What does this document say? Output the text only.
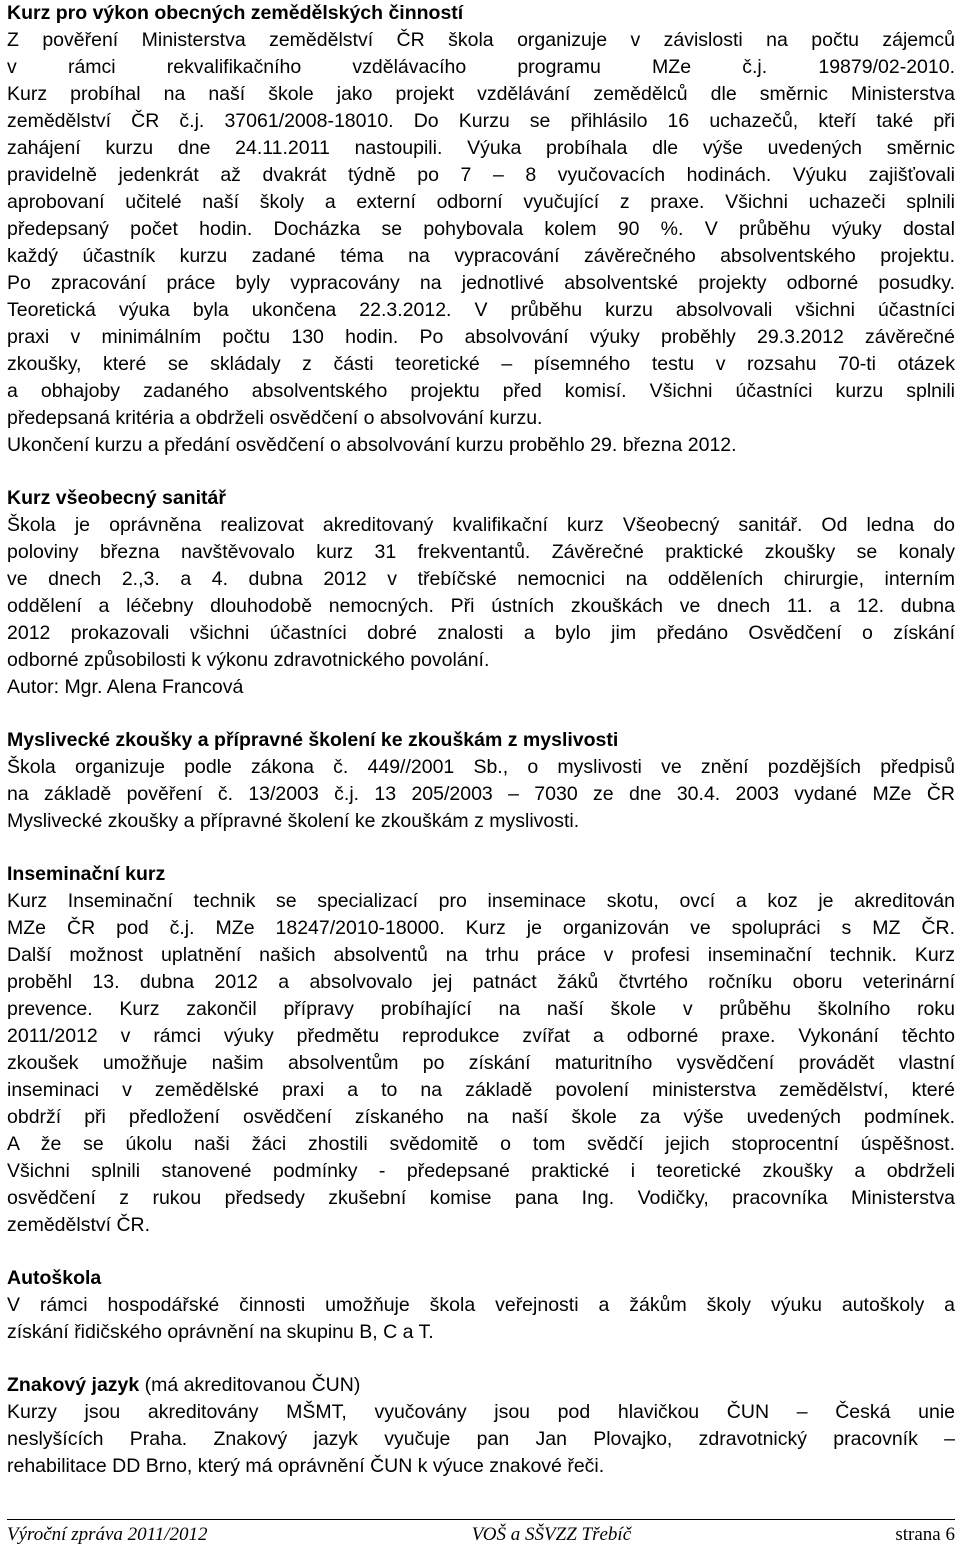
Kurz pro výkon obecných zemědělských činností
Z pověření Ministerstva zemědělství ČR škola organizuje v závislosti na počtu zájemců
v rámci rekvalifikačního vzdělávacího programu MZe č.j. 19879/02-2010.
Kurz probíhal na naší škole jako projekt vzdělávání zemědělců dle směrnic Ministerstva
zemědělství ČR č.j. 37061/2008-18010. Do Kurzu se přihlásilo 16 uchazečů, kteří také při
zahájení kurzu dne 24.11.2011 nastoupili. Výuka probíhala dle výše uvedených směrnic
pravidelně jedenkrát až dvakrát týdně po 7 – 8 vyučovacích hodinách. Výuku zajišťovali
aprobovaní učitelé naší školy a externí odborní vyučující z praxe. Všichni uchazeči splnili
předepsaný počet hodin. Docházka se pohybovala kolem 90 %. V průběhu výuky dostal
každý účastník kurzu zadané téma na vypracování závěrečného absolventského projektu.
Po zpracování práce byly vypracovány na jednotlivé absolventské projekty odborné posudky.
Teoretická výuka byla ukončena 22.3.2012. V průběhu kurzu absolvovali všichni účastníci
praxi v minimálním počtu 130 hodin. Po absolvování výuky proběhly 29.3.2012 závěrečné
zkoušky, které se skládaly z části teoretické – písemného testu v rozsahu 70-ti otázek
a obhajoby zadaného absolventského projektu před komisí. Všichni účastníci kurzu splnili
předepsaná kritéria a obdrželi osvědčení o absolvování kurzu.
Ukončení kurzu a předání osvědčení o absolvování kurzu proběhlo 29. března 2012.
Kurz všeobecný sanitář
Škola je oprávněna realizovat akreditovaný kvalifikační kurz Všeobecný sanitář. Od ledna do
poloviny března navštěvovalo kurz 31 frekventantů. Závěrečné praktické zkoušky se konaly
ve dnech 2.,3. a 4. dubna 2012 v třebíčské nemocnici na odděleních chirurgie, interním
oddělení a léčebny dlouhodobě nemocných. Při ústních zkouškách ve dnech 11. a 12. dubna
2012 prokazovali všichni účastníci dobré znalosti a bylo jim předáno Osvědčení o získání
odborné způsobilosti k výkonu zdravotnického povolání.
Autor: Mgr. Alena Francová
Myslivecké zkoušky a přípravné školení ke zkouškám z myslivosti
Škola organizuje podle zákona č. 449//2001 Sb., o myslivosti ve znění pozdějších předpisů
na základě pověření č. 13/2003 č.j. 13 205/2003 – 7030 ze dne 30.4. 2003 vydané MZe ČR
Myslivecké zkoušky a přípravné školení ke zkouškám z myslivosti.
Inseminační kurz
Kurz Inseminační technik se specializací pro inseminace skotu, ovcí a koz je akreditován
MZe ČR pod č.j. MZe 18247/2010-18000. Kurz je organizován ve spolupráci s MZ ČR.
Další možnost uplatnění našich absolventů na trhu práce v profesi inseminační technik. Kurz
proběhl 13. dubna 2012 a absolvovalo jej patnáct žáků čtvrtého ročníku oboru veterinární
prevence. Kurz zakončil přípravy probíhající na naší škole v průběhu školního roku
2011/2012 v rámci výuky předmětu reprodukce zvířat a odborné praxe. Vykonání těchto
zkoušek umožňuje našim absolventům po získání maturitního vysvědčení provádět vlastní
inseminaci v zemědělské praxi a to na základě povolení ministerstva zemědělství, které
obdrží při předložení osvědčení získaného na naší škole za výše uvedených podmínek.
A že se úkolu naši žáci zhostili svědomitě o tom svědčí jejich stoprocentní úspěšnost.
Všichni splnili stanovené podmínky - předepsané praktické i teoretické zkoušky a obdrželi
osvědčení z rukou předsedy zkušební komise pana Ing. Vodičky, pracovníka Ministerstva
zemědělství ČR.
Autoškola
V rámci hospodářské činnosti umožňuje škola veřejnosti a žákům školy výuku autoškoly a
získání řidičského oprávnění na skupinu B, C a T.
Znakový jazyk (má akreditovanou ČUN)
Kurzy jsou akreditovány MŠMT, vyučovány jsou pod hlavičkou ČUN – Česká unie
neslyšících Praha. Znakový jazyk vyučuje pan Jan Plovajko, zdravotnický pracovník –
rehabilitace DD Brno, který má oprávnění ČUN k výuce znakové řeči.
Výroční zpráva 2011/2012	VOŠ a SŠVZZ Třebíč	strana 6
